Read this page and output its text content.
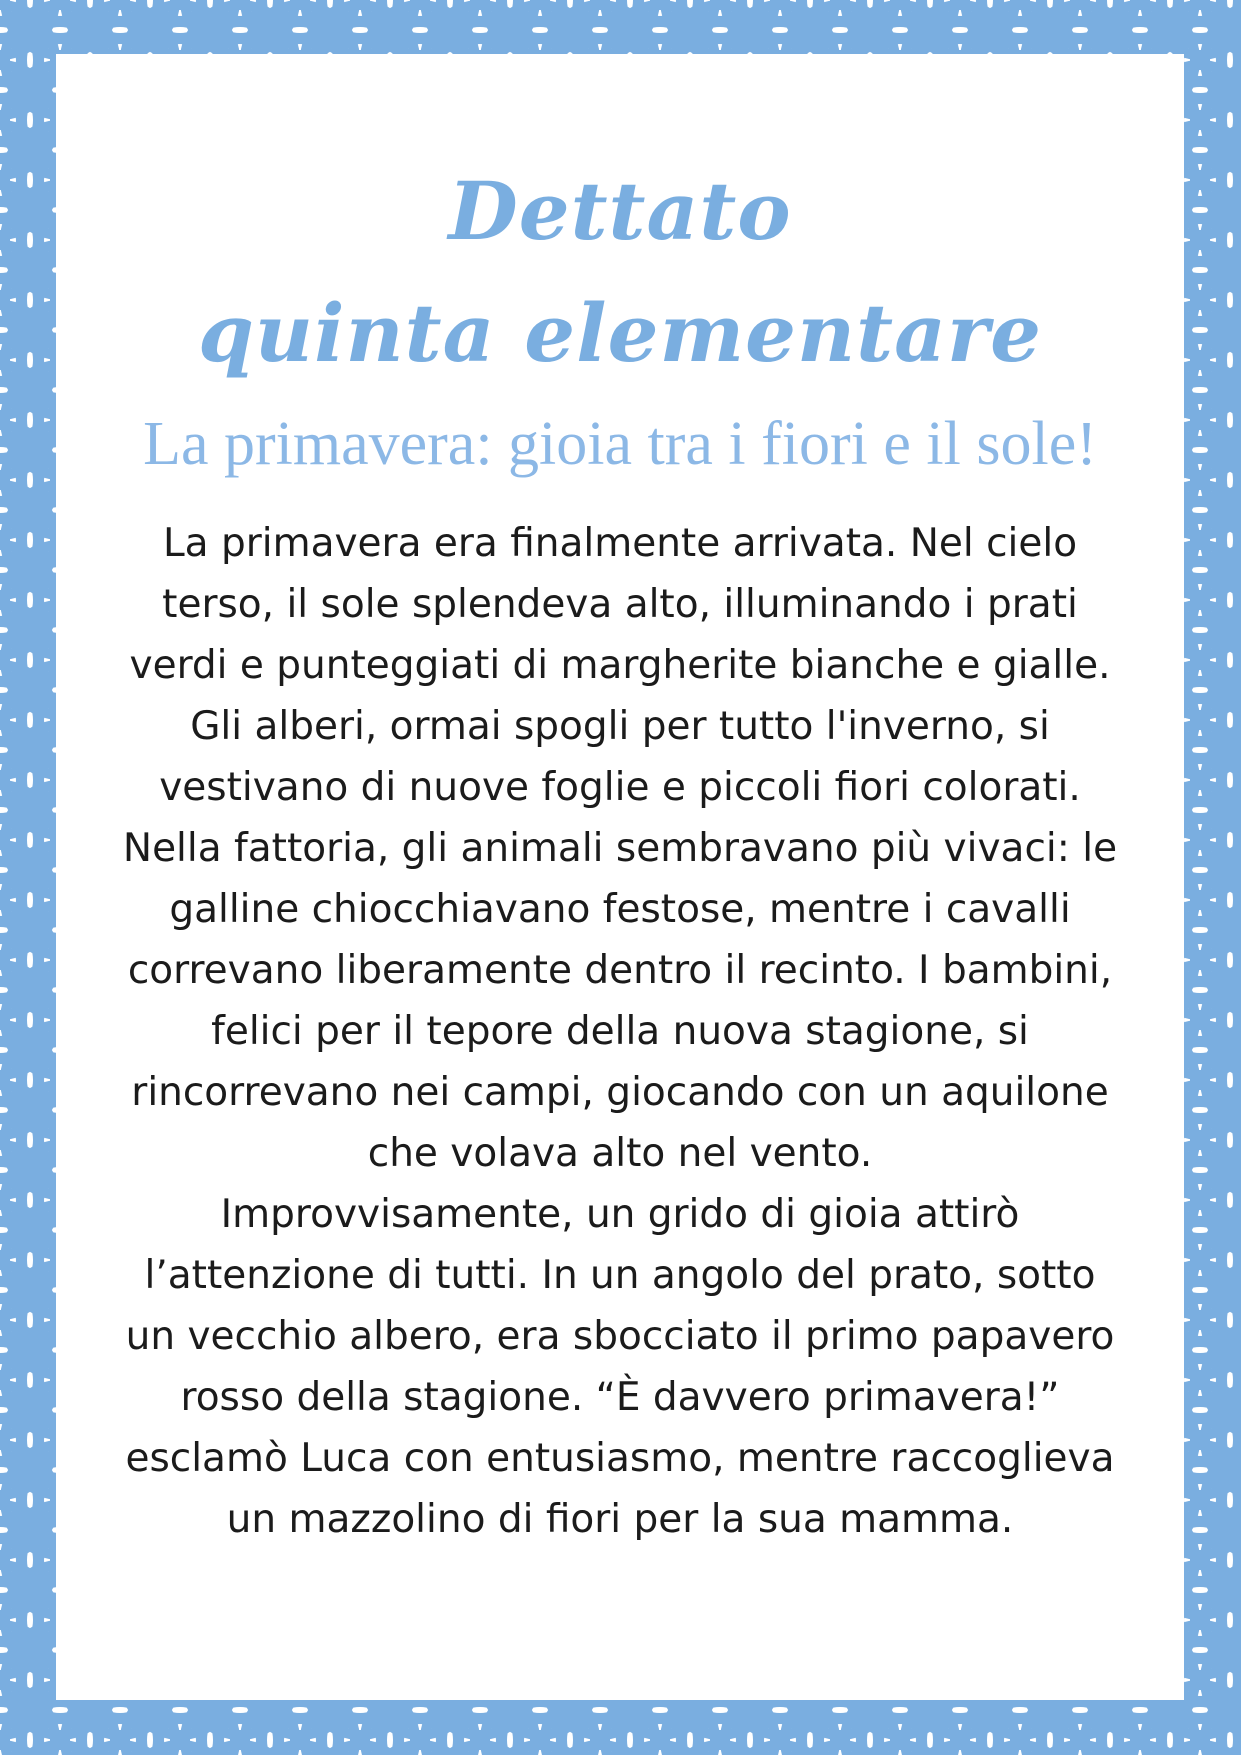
Dettato
quinta elementare
La primavera: gioia tra i fiori e il sole!

La primavera era finalmente arrivata. Nel cielo terso, il sole splendeva alto, illuminando i prati verdi e punteggiati di margherite bianche e gialle. Gli alberi, ormai spogli per tutto l'inverno, si vestivano di nuove foglie e piccoli fiori colorati.

Nella fattoria, gli animali sembravano più vivaci: le galline chiocchiavano festose, mentre i cavalli correvano liberamente dentro il recinto. I bambini, felici per il tepore della nuova stagione, si rincorrevano nei campi, giocando con un aquilone che volava alto nel vento.

Improvvisamente, un grido di gioia attirò l’attenzione di tutti. In un angolo del prato, sotto un vecchio albero, era sbocciato il primo papavero rosso della stagione. “È davvero primavera!” esclamò Luca con entusiasmo, mentre raccoglieva un mazzolino di fiori per la sua mamma.
